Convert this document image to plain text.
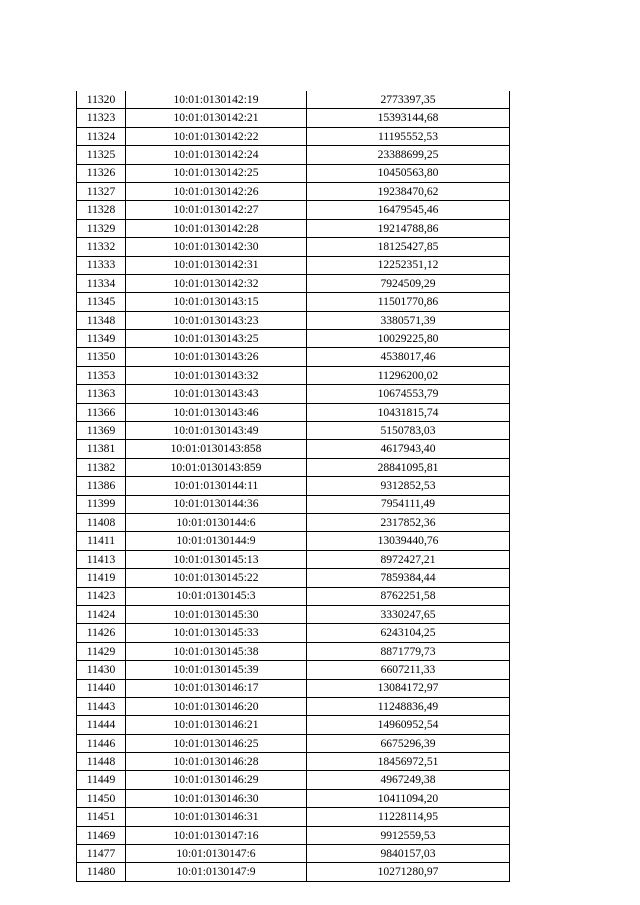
11320	10:01:0130142:19	2773397,35
11323	10:01:0130142:21	15393144,68
11324	10:01:0130142:22	11195552,53
11325	10:01:0130142:24	23388699,25
11326	10:01:0130142:25	10450563,80
11327	10:01:0130142:26	19238470,62
11328	10:01:0130142:27	16479545,46
11329	10:01:0130142:28	19214788,86
11332	10:01:0130142:30	18125427,85
11333	10:01:0130142:31	12252351,12
11334	10:01:0130142:32	7924509,29
11345	10:01:0130143:15	11501770,86
11348	10:01:0130143:23	3380571,39
11349	10:01:0130143:25	10029225,80
11350	10:01:0130143:26	4538017,46
11353	10:01:0130143:32	11296200,02
11363	10:01:0130143:43	10674553,79
11366	10:01:0130143:46	10431815,74
11369	10:01:0130143:49	5150783,03
11381	10:01:0130143:858	4617943,40
11382	10:01:0130143:859	28841095,81
11386	10:01:0130144:11	9312852,53
11399	10:01:0130144:36	7954111,49
11408	10:01:0130144:6	2317852,36
11411	10:01:0130144:9	13039440,76
11413	10:01:0130145:13	8972427,21
11419	10:01:0130145:22	7859384,44
11423	10:01:0130145:3	8762251,58
11424	10:01:0130145:30	3330247,65
11426	10:01:0130145:33	6243104,25
11429	10:01:0130145:38	8871779,73
11430	10:01:0130145:39	6607211,33
11440	10:01:0130146:17	13084172,97
11443	10:01:0130146:20	11248836,49
11444	10:01:0130146:21	14960952,54
11446	10:01:0130146:25	6675296,39
11448	10:01:0130146:28	18456972,51
11449	10:01:0130146:29	4967249,38
11450	10:01:0130146:30	10411094,20
11451	10:01:0130146:31	11228114,95
11469	10:01:0130147:16	9912559,53
11477	10:01:0130147:6	9840157,03
11480	10:01:0130147:9	10271280,97
